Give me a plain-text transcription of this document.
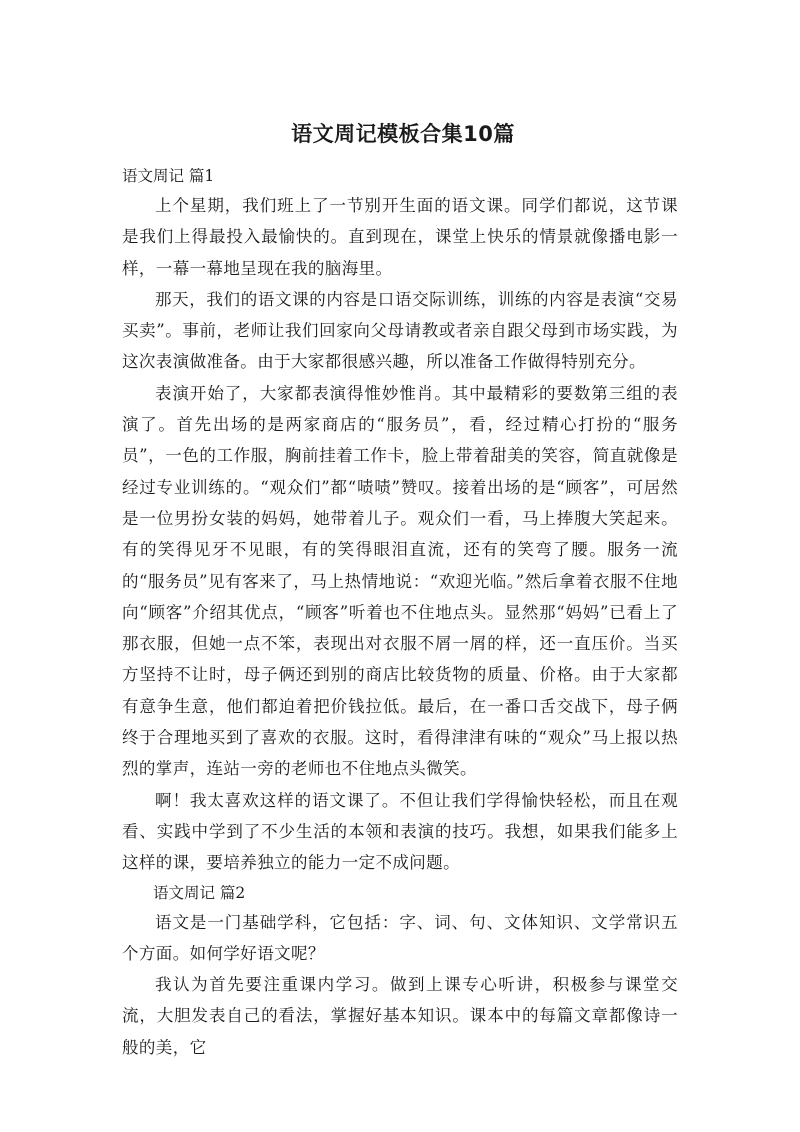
语文周记模板合集10篇
语文周记 篇1

上个星期，我们班上了一节别开生面的语文课。同学们都说，这节课是我们上得最投入最愉快的。直到现在，课堂上快乐的情景就像播电影一样，一幕一幕地呈现在我的脑海里。

那天，我们的语文课的内容是口语交际训练，训练的内容是表演“交易买卖”。事前，老师让我们回家向父母请教或者亲自跟父母到市场实践，为这次表演做准备。由于大家都很感兴趣，所以准备工作做得特别充分。

表演开始了，大家都表演得惟妙惟肖。其中最精彩的要数第三组的表演了。首先出场的是两家商店的“服务员”，看，经过精心打扮的“服务员”，一色的工作服，胸前挂着工作卡，脸上带着甜美的笑容，简直就像是经过专业训练的。“观众们”都“啧啧”赞叹。接着出场的是“顾客”，可居然是一位男扮女装的妈妈，她带着儿子。观众们一看，马上捧腹大笑起来。有的笑得见牙不见眼，有的笑得眼泪直流，还有的笑弯了腰。服务一流的“服务员”见有客来了，马上热情地说：“欢迎光临。”然后拿着衣服不住地向“顾客”介绍其优点，“顾客”听着也不住地点头。显然那“妈妈”已看上了那衣服，但她一点不笨，表现出对衣服不屑一屑的样，还一直压价。当买方坚持不让时，母子俩还到别的商店比较货物的质量、价格。由于大家都有意争生意，他们都迫着把价钱拉低。最后，在一番口舌交战下，母子俩终于合理地买到了喜欢的衣服。这时，看得津津有味的“观众”马上报以热烈的掌声，连站一旁的老师也不住地点头微笑。

啊！我太喜欢这样的语文课了。不但让我们学得愉快轻松，而且在观看、实践中学到了不少生活的本领和表演的技巧。我想，如果我们能多上这样的课，要培养独立的能力一定不成问题。

语文周记 篇2

语文是一门基础学科，它包括：字、词、句、文体知识、文学常识五个方面。如何学好语文呢？

我认为首先要注重课内学习。做到上课专心听讲，积极参与课堂交流，大胆发表自己的看法，掌握好基本知识。课本中的每篇文章都像诗一般的美，它
